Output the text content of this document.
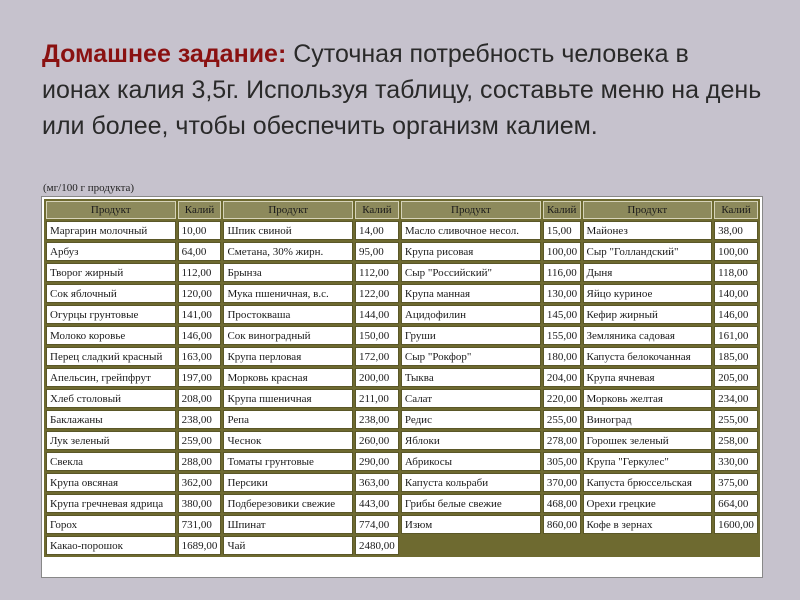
Домашнее задание: Суточная потребность человека в ионах калия 3,5г. Используя таблицу, составьте меню на день или более, чтобы обеспечить организм калием.
(мг/100 г продукта)
Продукт	Калий	Продукт	Калий	Продукт	Калий	Продукт	Калий
Маргарин молочный	10,00	Шпик свиной	14,00	Масло сливочное несол.	15,00	Майонез	38,00
Арбуз	64,00	Сметана, 30% жирн.	95,00	Крупа рисовая	100,00	Сыр "Голландский"	100,00
Творог жирный	112,00	Брынза	112,00	Сыр "Российский"	116,00	Дыня	118,00
Сок яблочный	120,00	Мука пшеничная, в.с.	122,00	Крупа манная	130,00	Яйцо куриное	140,00
Огурцы грунтовые	141,00	Простокваша	144,00	Ацидофилин	145,00	Кефир жирный	146,00
Молоко коровье	146,00	Сок виноградный	150,00	Груши	155,00	Земляника садовая	161,00
Перец сладкий красный	163,00	Крупа перловая	172,00	Сыр "Рокфор"	180,00	Капуста белокочанная	185,00
Апельсин, грейпфрут	197,00	Морковь красная	200,00	Тыква	204,00	Крупа ячневая	205,00
Хлеб столовый	208,00	Крупа пшеничная	211,00	Салат	220,00	Морковь желтая	234,00
Баклажаны	238,00	Репа	238,00	Редис	255,00	Виноград	255,00
Лук зеленый	259,00	Чеснок	260,00	Яблоки	278,00	Горошек зеленый	258,00
Свекла	288,00	Томаты грунтовые	290,00	Абрикосы	305,00	Крупа "Геркулес"	330,00
Крупа овсяная	362,00	Персики	363,00	Капуста кольраби	370,00	Капуста брюссельская	375,00
Крупа гречневая ядрица	380,00	Подберезовики свежие	443,00	Грибы белые свежие	468,00	Орехи грецкие	664,00
Горох	731,00	Шпинат	774,00	Изюм	860,00	Кофе в зернах	1600,00
Какао-порошок	1689,00	Чай	2480,00				
